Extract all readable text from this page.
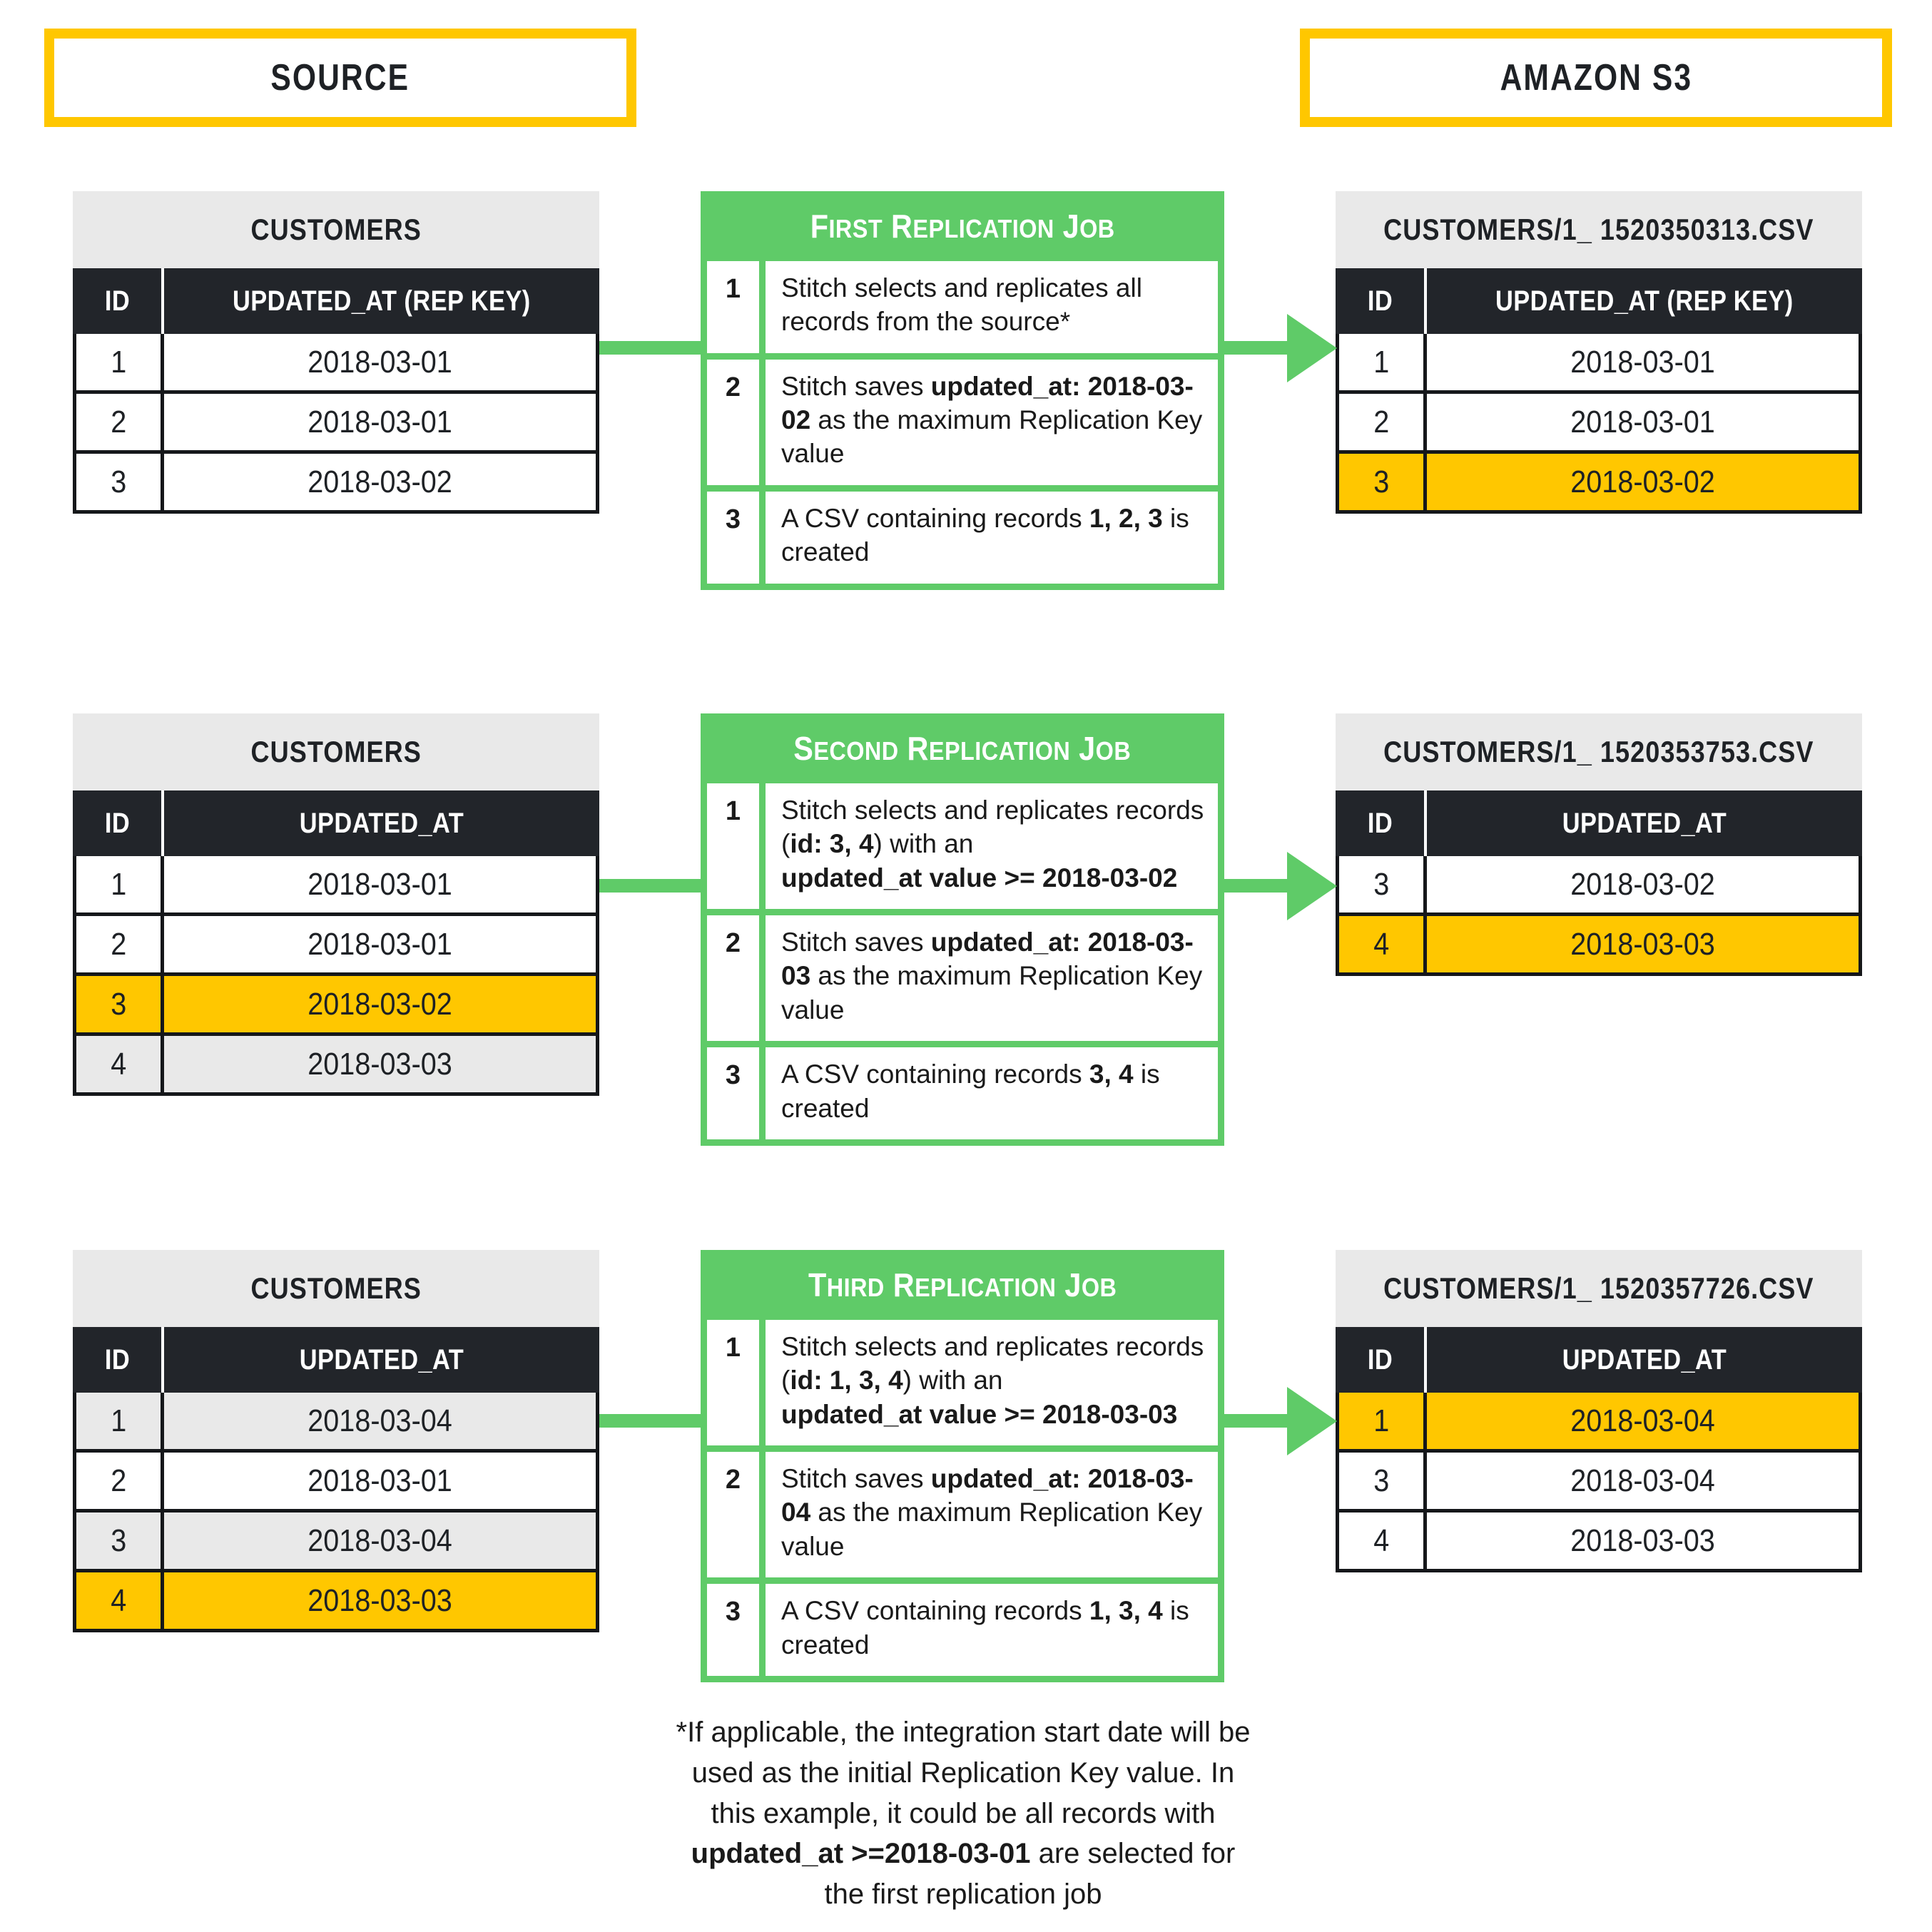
SOURCE	AMAZON S3
CUSTOMERS
ID	UPDATED_AT (REP KEY)
1	2018-03-01
2	2018-03-01
3	2018-03-02
CUSTOMERS/1_ 1520350313.CSV
ID	UPDATED_AT (REP KEY)
1	2018-03-01
2	2018-03-01
3	2018-03-02
FIRST REPLICATION JOB
1	Stitch selects and replicates all records from the source*
2	Stitch saves updated_at: 2018-03-02 as the maximum Replication Key value
3	A CSV containing records 1, 2, 3 is created
CUSTOMERS
ID	UPDATED_AT
1	2018-03-01
2	2018-03-01
3	2018-03-02
4	2018-03-03
CUSTOMERS/1_ 1520353753.CSV
ID	UPDATED_AT
3	2018-03-02
4	2018-03-03
SECOND REPLICATION JOB
1	Stitch selects and replicates records (id: 3, 4) with an
updated_at value >= 2018-03-02
2	Stitch saves updated_at: 2018-03-03 as the maximum Replication Key value
3	A CSV containing records 3, 4 is created
CUSTOMERS
ID	UPDATED_AT
1	2018-03-04
2	2018-03-01
3	2018-03-04
4	2018-03-03
CUSTOMERS/1_ 1520357726.CSV
ID	UPDATED_AT
1	2018-03-04
3	2018-03-04
4	2018-03-03
THIRD REPLICATION JOB
1	Stitch selects and replicates records (id: 1, 3, 4) with an
updated_at value >= 2018-03-03
2	Stitch saves updated_at: 2018-03-04 as the maximum Replication Key value
3	A CSV containing records 1, 3, 4 is created
*If applicable, the integration start date will be used as the initial Replication Key value. In this example, it could be all records with updated_at >=2018-03-01 are selected for the first replication job
